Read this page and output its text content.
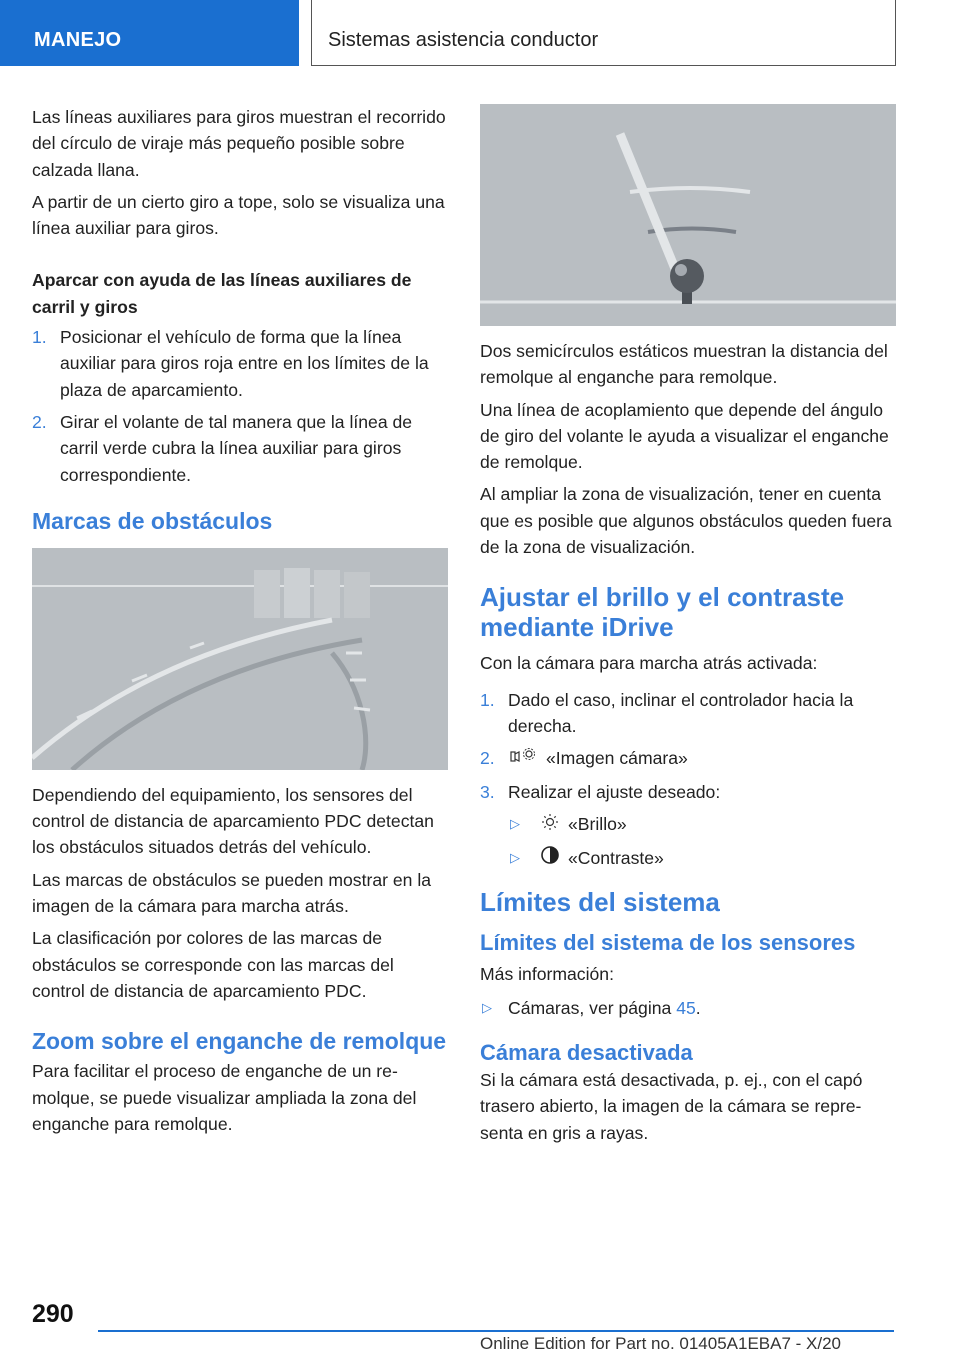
MANEJO	Sistemas asistencia conductor

Las líneas auxiliares para giros muestran el recorrido del círculo de viraje más pequeño posible sobre calzada llana.

A partir de un cierto giro a tope, solo se visualiza una línea auxiliar para giros.

Aparcar con ayuda de las líneas auxiliares de carril y giros
1. Posicionar el vehículo de forma que la línea auxiliar para giros roja entre en los límites de la plaza de aparcamiento.
2. Girar el volante de tal manera que la línea de carril verde cubra la línea auxiliar para giros correspondiente.
Marcas de obstáculos

Dependiendo del equipamiento, los sensores del control de distancia de aparcamiento PDC detectan los obstáculos situados detrás del vehículo.

Las marcas de obstáculos se pueden mostrar en la imagen de la cámara para marcha atrás.

La clasificación por colores de las marcas de obstáculos se corresponde con las marcas del control de distancia de aparcamiento PDC.

Zoom sobre el enganche de remolque

Para facilitar el proceso de enganche de un remolque, se puede visualizar ampliada la zona del enganche para remolque.

Dos semicírculos estáticos muestran la distancia del remolque al enganche para remolque.

Una línea de acoplamiento que depende del ángulo de giro del volante le ayuda a visualizar el enganche de remolque.

Al ampliar la zona de visualización, tener en cuenta que es posible que algunos obstáculos queden fuera de la zona de visualización.

Ajustar el brillo y el contraste mediante iDrive

Con la cámara para marcha atrás activada:

1. Dado el caso, inclinar el controlador hacia la derecha.
2.	«Imagen cámara»
3. Realizar el ajuste deseado:
▷	«Brillo»
▷	«Contraste»
Límites del sistema
Límites del sistema de los sensores

Más información:

▷ Cámaras, ver página 45.
Cámara desactivada

Si la cámara está desactivada, p. ej., con el capó trasero abierto, la imagen de la cámara se representa en gris a rayas.

290
Online Edition for Part no. 01405A1EBA7 - X/20
